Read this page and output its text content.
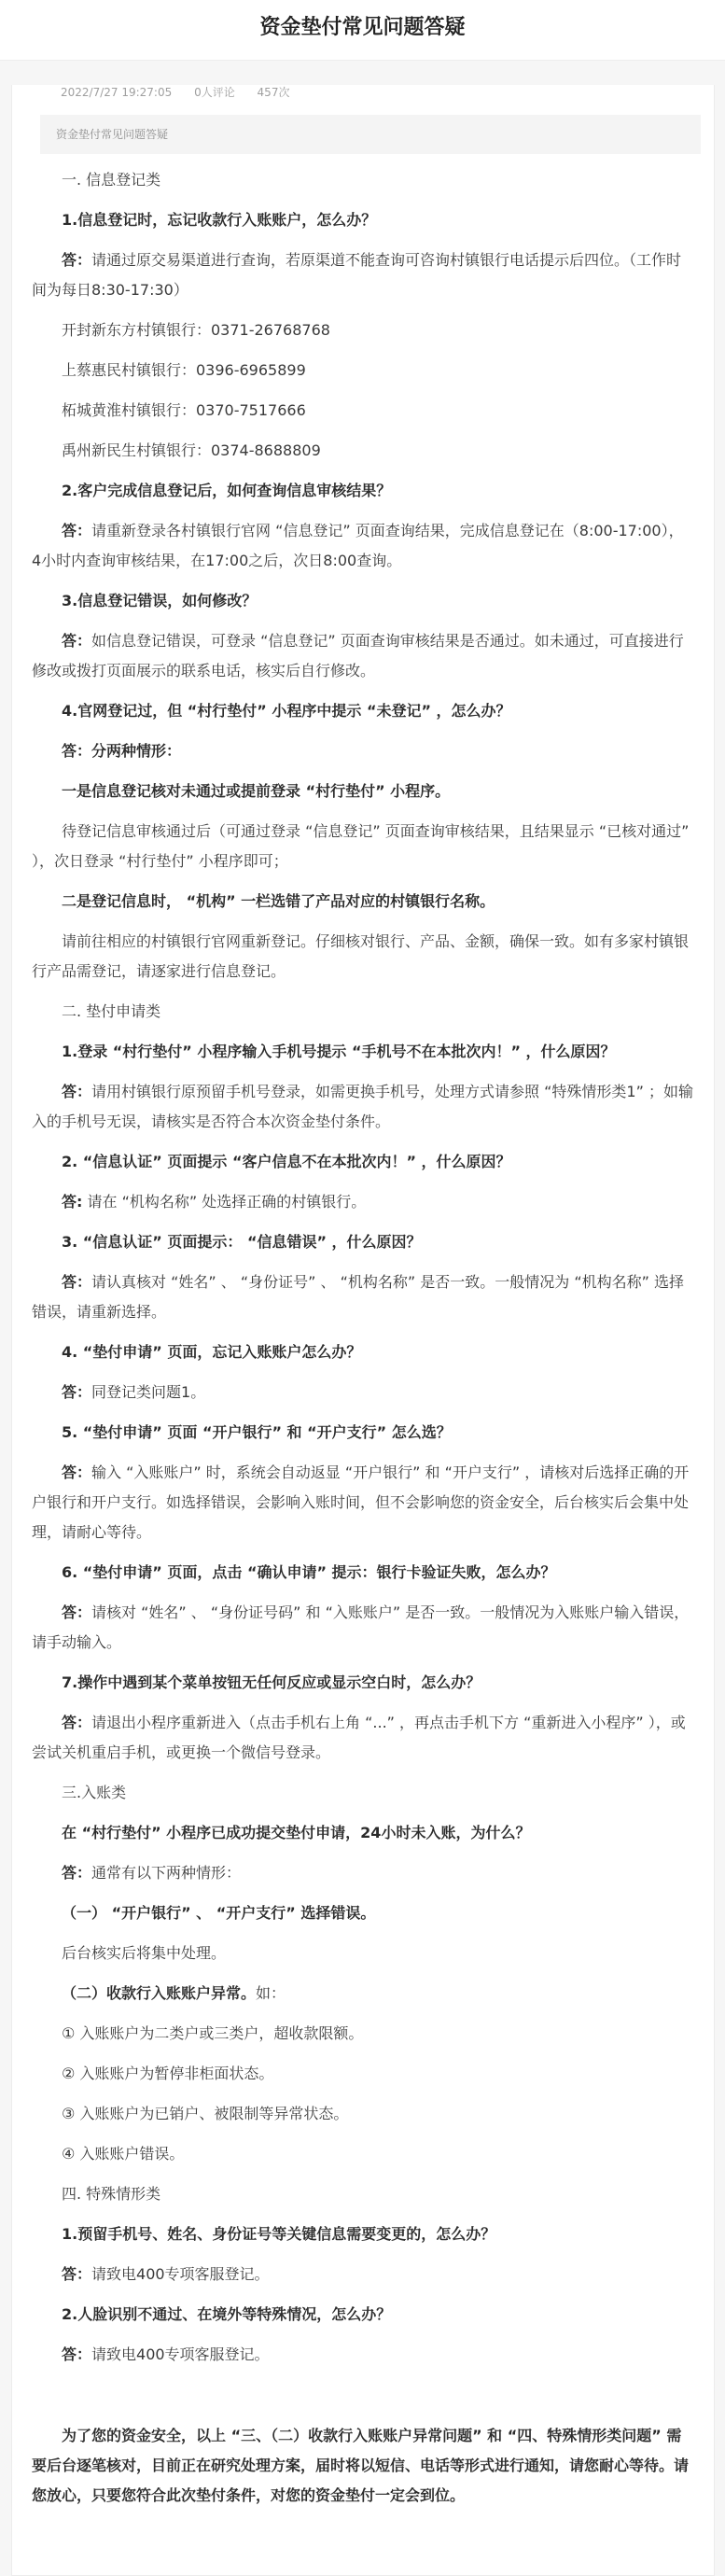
资金垫付常见问题答疑
2022/7/27 19:27:05 0人评论 457次
资金垫付常见问题答疑

一. 信息登记类

1.信息登记时，忘记收款行入账账户，怎么办？

答：请通过原交易渠道进行查询，若原渠道不能查询可咨询村镇银行电话提示后四位。（工作时间为每日8:30-17:30）

开封新东方村镇银行：0371-26768768

上蔡惠民村镇银行：0396-6965899

柘城黄淮村镇银行：0370-7517666

禹州新民生村镇银行：0374-8688809

2.客户完成信息登记后，如何查询信息审核结果？

答：请重新登录各村镇银行官网 “信息登记” 页面查询结果，完成信息登记在（8:00-17:00）， 4小时内查询审核结果，在17:00之后，次日8:00查询。

3.信息登记错误，如何修改？

答：如信息登记错误，可登录 “信息登记” 页面查询审核结果是否通过。如未通过，可直接进行修改或拨打页面展示的联系电话，核实后自行修改。

4.官网登记过，但 “村行垫付” 小程序中提示 “未登记” ，怎么办？

答：分两种情形：

一是信息登记核对未通过或提前登录 “村行垫付” 小程序。

待登记信息审核通过后（可通过登录 “信息登记” 页面查询审核结果，且结果显示 “已核对通过” ），次日登录 “村行垫付” 小程序即可；

二是登记信息时， “机构” 一栏选错了产品对应的村镇银行名称。

请前往相应的村镇银行官网重新登记。仔细核对银行、产品、金额，确保一致。如有多家村镇银行产品需登记，请逐家进行信息登记。

二. 垫付申请类

1.登录 “村行垫付” 小程序输入手机号提示 “手机号不在本批次内！” ，什么原因？

答：请用村镇银行原预留手机号登录，如需更换手机号，处理方式请参照 “特殊情形类1” ；如输入的手机号无误，请核实是否符合本次资金垫付条件。

2. “信息认证” 页面提示 “客户信息不在本批次内！” ，什么原因？

答: 请在 “机构名称” 处选择正确的村镇银行。

3. “信息认证” 页面提示： “信息错误” ，什么原因？

答：请认真核对 “姓名” 、 “身份证号” 、 “机构名称” 是否一致。一般情况为 “机构名称” 选择错误，请重新选择。

4. “垫付申请” 页面，忘记入账账户怎么办？

答：同登记类问题1。

5. “垫付申请” 页面 “开户银行” 和 “开户支行” 怎么选？

答：输入 “入账账户” 时，系统会自动返显 “开户银行” 和 “开户支行” ，请核对后选择正确的开户银行和开户支行。如选择错误，会影响入账时间，但不会影响您的资金安全，后台核实后会集中处理，请耐心等待。

6. “垫付申请” 页面，点击 “确认申请” 提示：银行卡验证失败，怎么办？

答：请核对 “姓名” 、 “身份证号码” 和 “入账账户” 是否一致。一般情况为入账账户输入错误，请手动输入。

7.操作中遇到某个菜单按钮无任何反应或显示空白时，怎么办？

答：请退出小程序重新进入（点击手机右上角 “...” ，再点击手机下方 “重新进入小程序” ），或尝试关机重启手机，或更换一个微信号登录。

三.入账类

在 “村行垫付” 小程序已成功提交垫付申请，24小时未入账，为什么？

答：通常有以下两种情形：

（一） “开户银行” 、 “开户支行” 选择错误。

后台核实后将集中处理。

（二）收款行入账账户异常。如：

① 入账账户为二类户或三类户，超收款限额。

② 入账账户为暂停非柜面状态。

③ 入账账户为已销户、被限制等异常状态。

④ 入账账户错误。

四. 特殊情形类

1.预留手机号、姓名、身份证号等关键信息需要变更的，怎么办？

答：请致电400专项客服登记。

2.人脸识别不通过、在境外等特殊情况，怎么办？

答：请致电400专项客服登记。

为了您的资金安全，以上 “三、（二）收款行入账账户异常问题” 和 “四、特殊情形类问题” 需要后台逐笔核对，目前正在研究处理方案，届时将以短信、电话等形式进行通知，请您耐心等待。请您放心，只要您符合此次垫付条件，对您的资金垫付一定会到位。
